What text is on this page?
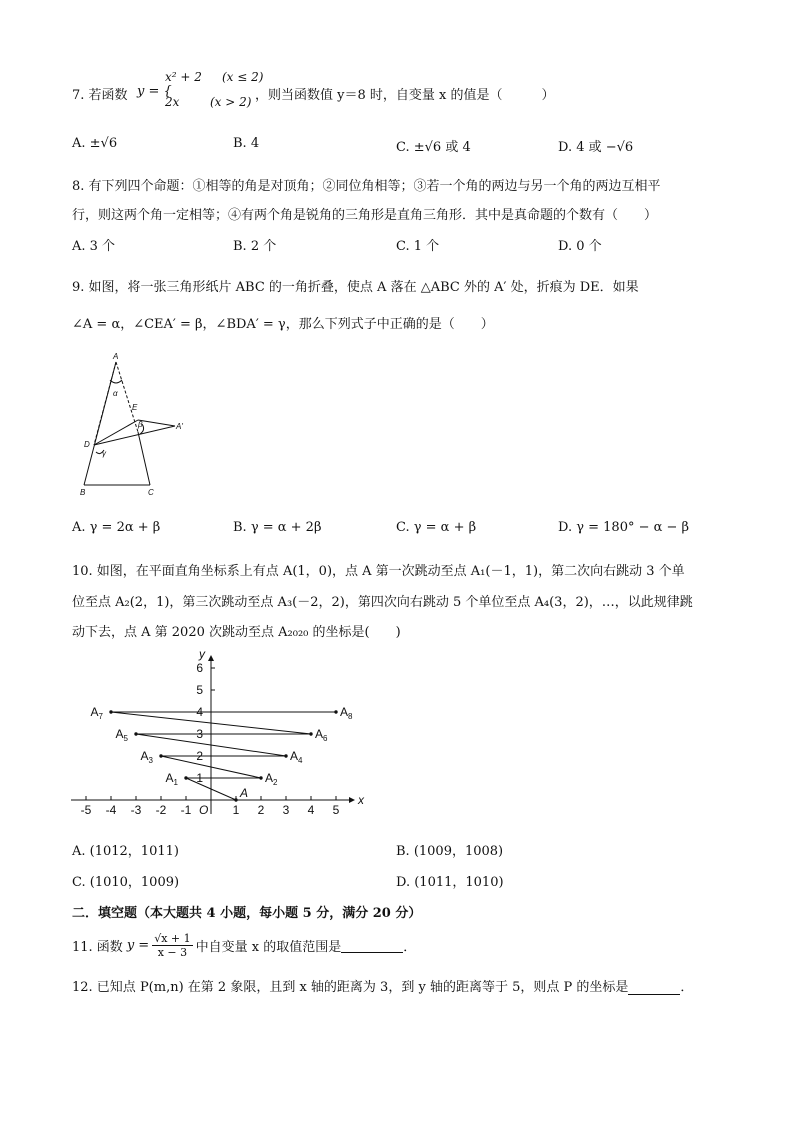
7. 若函数 y = {
x² + 2 (x ≤ 2)
2x	(x > 2) ，则当函数值 y＝8 时，自变量 x 的值是（　　　）
A. ±√6	B. 4	C. ±√6 或 4	D. 4 或 −√6
8. 有下列四个命题：①相等的角是对顶角；②同位角相等；③若一个角的两边与另一个角的两边互相平
行，则这两个角一定相等；④有两个角是锐角的三角形是直角三角形．其中是真命题的个数有（　　）
A. 3 个	B. 2 个	C. 1 个	D. 0 个
9. 如图，将一张三角形纸片 ABC 的一角折叠，使点 A 落在 △ABC 外的 A′ 处，折痕为 DE．如果
∠A = α，∠CEA′ = β，∠BDA′ = γ，那么下列式子中正确的是（　　）
A
E
D
B	C
A'
α
β
γ
A. γ = 2α + β	B. γ = α + 2β	C. γ = α + β	D. γ = 180° − α − β
10. 如图，在平面直角坐标系上有点 A(1，0)，点 A 第一次跳动至点 A₁(－1，1)，第二次向右跳动 3 个单
位至点 A₂(2，1)，第三次跳动至点 A₃(－2，2)，第四次向右跳动 5 个单位至点 A₄(3，2)，…，以此规律跳
动下去，点 A 第 2020 次跳动至点 A₂₀₂₀ 的坐标是(　　)
-5 -4 -3 -2 -1	1 2 3 4 5
1
2
3
4
5
6
x
y
O
A
$A_1$	$A_2$
$A_3$	$A_4$
$A_5$	$A_6$
$A_7$	$A_8$
A. (1012，1011)	B. (1009，1008)
C. (1010，1009)	D. (1011，1010)
二．填空题（本大题共 4 小题，每小题 5 分，满分 20 分）
11. 函数 $y = \frac{√x + 1}{x - 3}$ 中自变量 x 的取值范围是	．
12. 已知点 P(m,n) 在第 2 象限，且到 x 轴的距离为 3，到 y 轴的距离等于 5，则点 P 的坐标是	．
